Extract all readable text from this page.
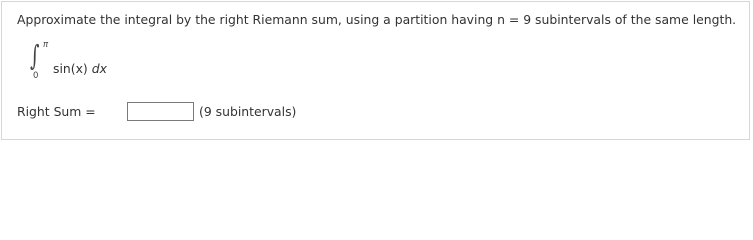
Approximate the integral by the right Riemann sum, using a partition having n = 9 subintervals of the same length.
∫ π
0 sin(x) dx
Right Sum =	(9 subintervals)
